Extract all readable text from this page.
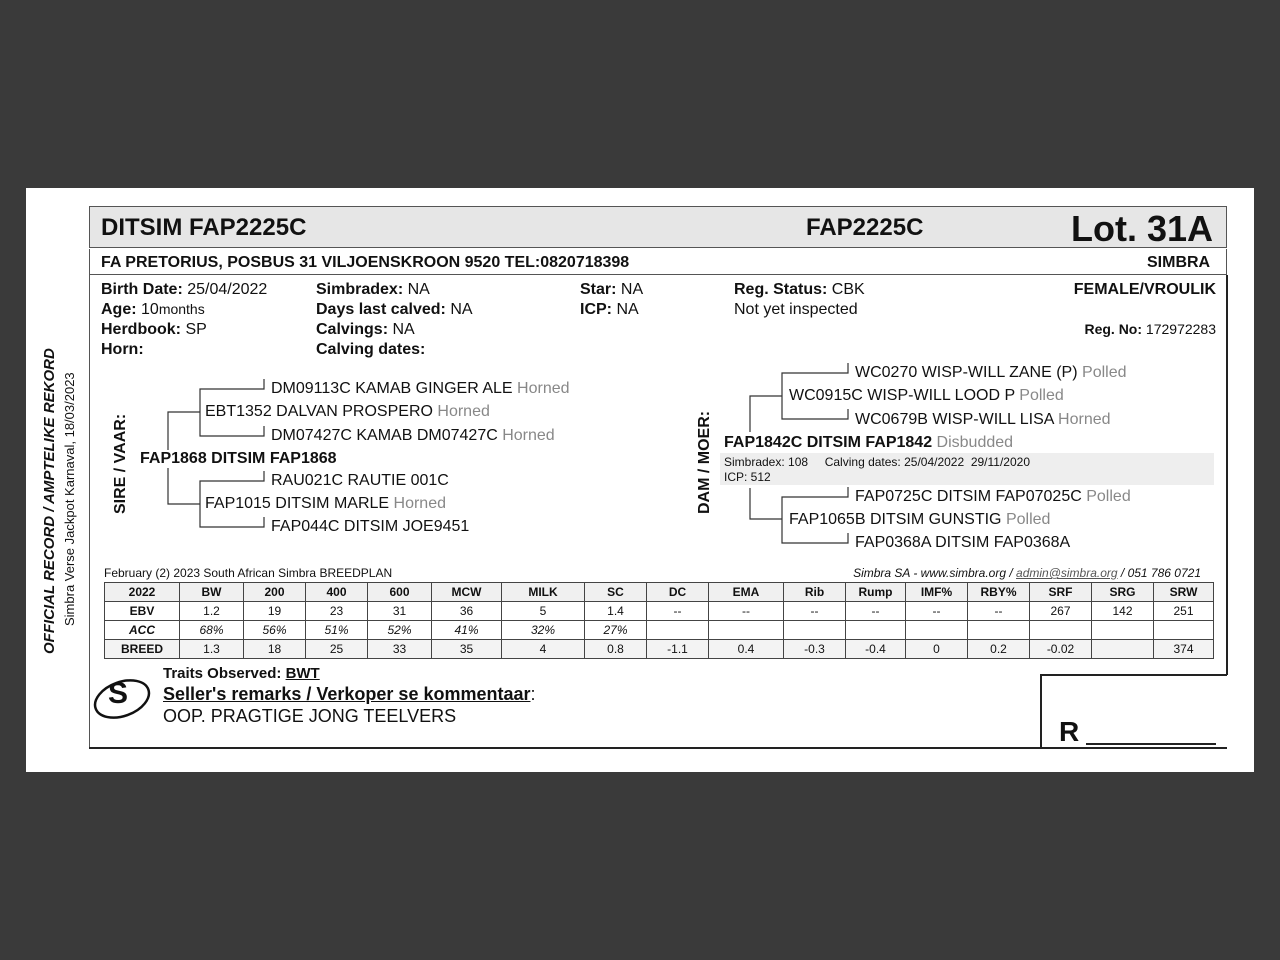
OFFICIAL RECORD / AMPTELIKE REKORD Simbra Verse Jackpot Karnaval, 18/03/2023
DITSIM FAP2225C	FAP2225C	Lot. 31A
FA PRETORIUS, POSBUS 31 VILJOENSKROON 9520 TEL:0820718398	SIMBRA
Birth Date: 25/04/2022
Age: 10months
Herdbook: SP
Horn:
Simbradex: NA
Days last calved: NA
Calvings: NA
Calving dates:
Star: NA
ICP: NA
Reg. Status: CBK
Not yet inspected
FEMALE/VROULIK
Reg. No: 172972283
SIRE / VAAR:	DAM / MOER:
DM09113C KAMAB GINGER ALE Horned
EBT1352 DALVAN PROSPERO Horned
DM07427C KAMAB DM07427C Horned
FAP1868 DITSIM FAP1868
RAU021C RAUTIE 001C
FAP1015 DITSIM MARLE Horned
FAP044C DITSIM JOE9451
WC0270 WISP-WILL ZANE (P) Polled
WC0915C WISP-WILL LOOD P Polled
WC0679B WISP-WILL LISA Horned
FAP1842C DITSIM FAP1842 Disbudded
Simbradex: 108     Calving dates: 25/04/2022  29/11/2020
ICP: 512
FAP0725C DITSIM FAP07025C Polled
FAP1065B DITSIM GUNSTIG Polled
FAP0368A DITSIM FAP0368A
February (2) 2023 South African Simbra BREEDPLAN	Simbra SA - www.simbra.org / admin@simbra.org / 051 786 0721
2022	BW	200	400	600	MCW	MILK	SC	DC	EMA	Rib	Rump	IMF%	RBY%	SRF	SRG	SRW
EBV	1.2	19	23	31	36	5	1.4	--	--	--	--	--	--	267	142	251
ACC	68%	56%	51%	52%	41%	32%	27%									
BREED	1.3	18	25	33	35	4	0.8	-1.1	0.4	-0.3	-0.4	0	0.2	-0.02		374
S
Traits Observed: BWT
Seller's remarks / Verkoper se kommentaar:
OOP. PRAGTIGE JONG TEELVERS	R
